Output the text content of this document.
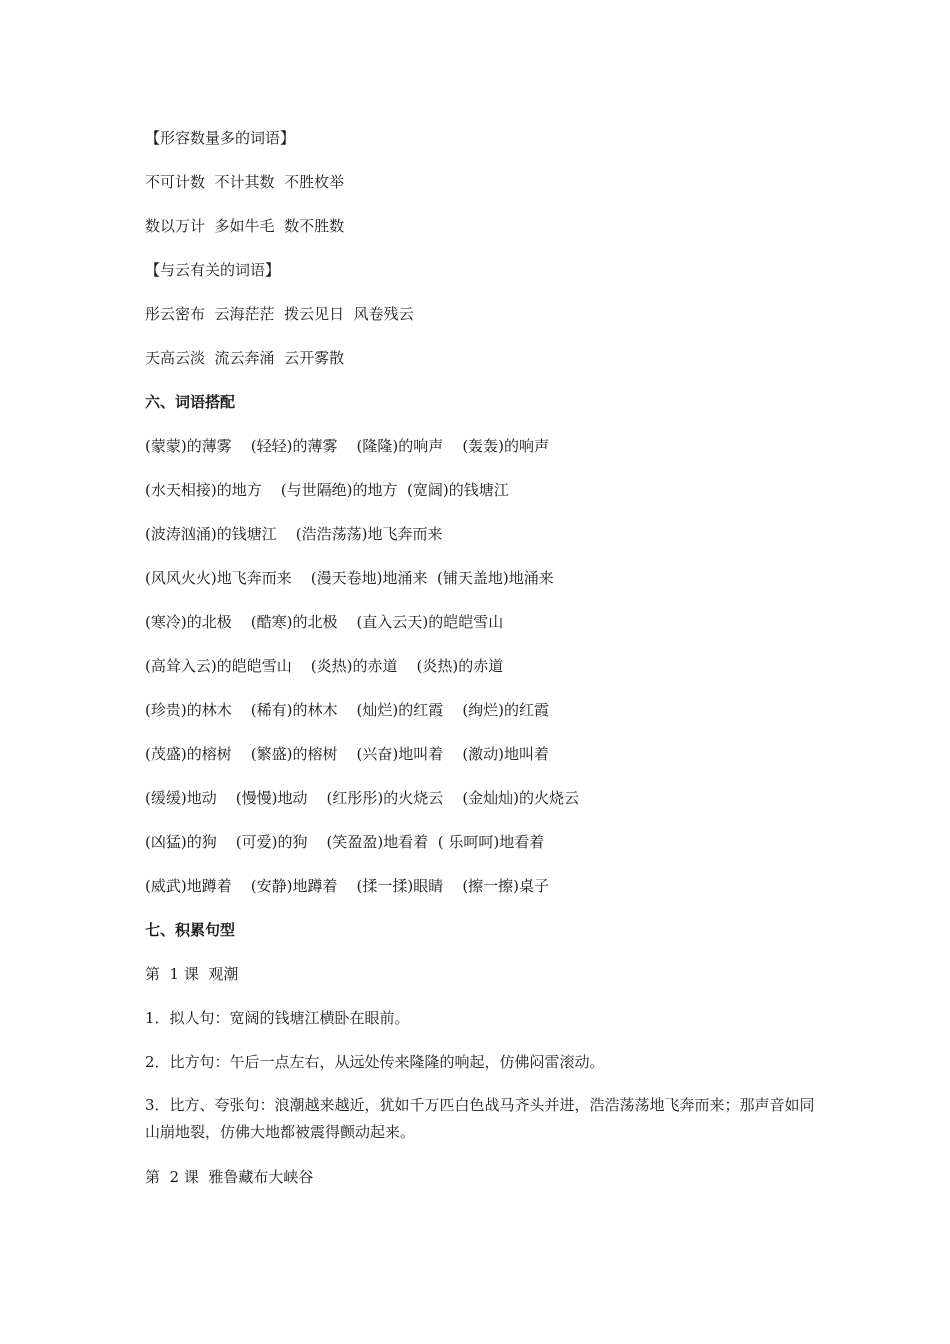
【形容数量多的词语】
不可计数  不计其数  不胜枚举
数以万计  多如牛毛  数不胜数
【与云有关的词语】
彤云密布  云海茫茫  拨云见日  风卷残云
天高云淡  流云奔涌  云开雾散
六、词语搭配
(蒙蒙)的薄雾    (轻轻)的薄雾    (隆隆)的响声    (轰轰)的响声
(水天相接)的地方    (与世隔绝)的地方  (宽阔)的钱塘江
(波涛汹涌)的钱塘江    (浩浩荡荡)地飞奔而来
(风风火火)地飞奔而来    (漫天卷地)地涌来  (铺天盖地)地涌来
(寒冷)的北极    (酷寒)的北极    (直入云天)的皑皑雪山
(高耸入云)的皑皑雪山    (炎热)的赤道    (炎热)的赤道
(珍贵)的林木    (稀有)的林木    (灿烂)的红霞    (绚烂)的红霞
(茂盛)的榕树    (繁盛)的榕树    (兴奋)地叫着    (激动)地叫着
(缓缓)地动    (慢慢)地动    (红彤彤)的火烧云    (金灿灿)的火烧云
(凶猛)的狗    (可爱)的狗    (笑盈盈)地看着  ( 乐呵呵)地看着
(威武)地蹲着    (安静)地蹲着    (揉一揉)眼睛    (擦一擦)桌子
七、积累句型
第  1 课  观潮
1．拟人句：宽阔的钱塘江横卧在眼前。
2．比方句：午后一点左右，从远处传来隆隆的响起，仿佛闷雷滚动。
3．比方、夸张句：浪潮越来越近，犹如千万匹白色战马齐头并进，浩浩荡荡地飞奔而来；那声音如同山崩地裂，仿佛大地都被震得颤动起来。
第  2 课  雅鲁藏布大峡谷
